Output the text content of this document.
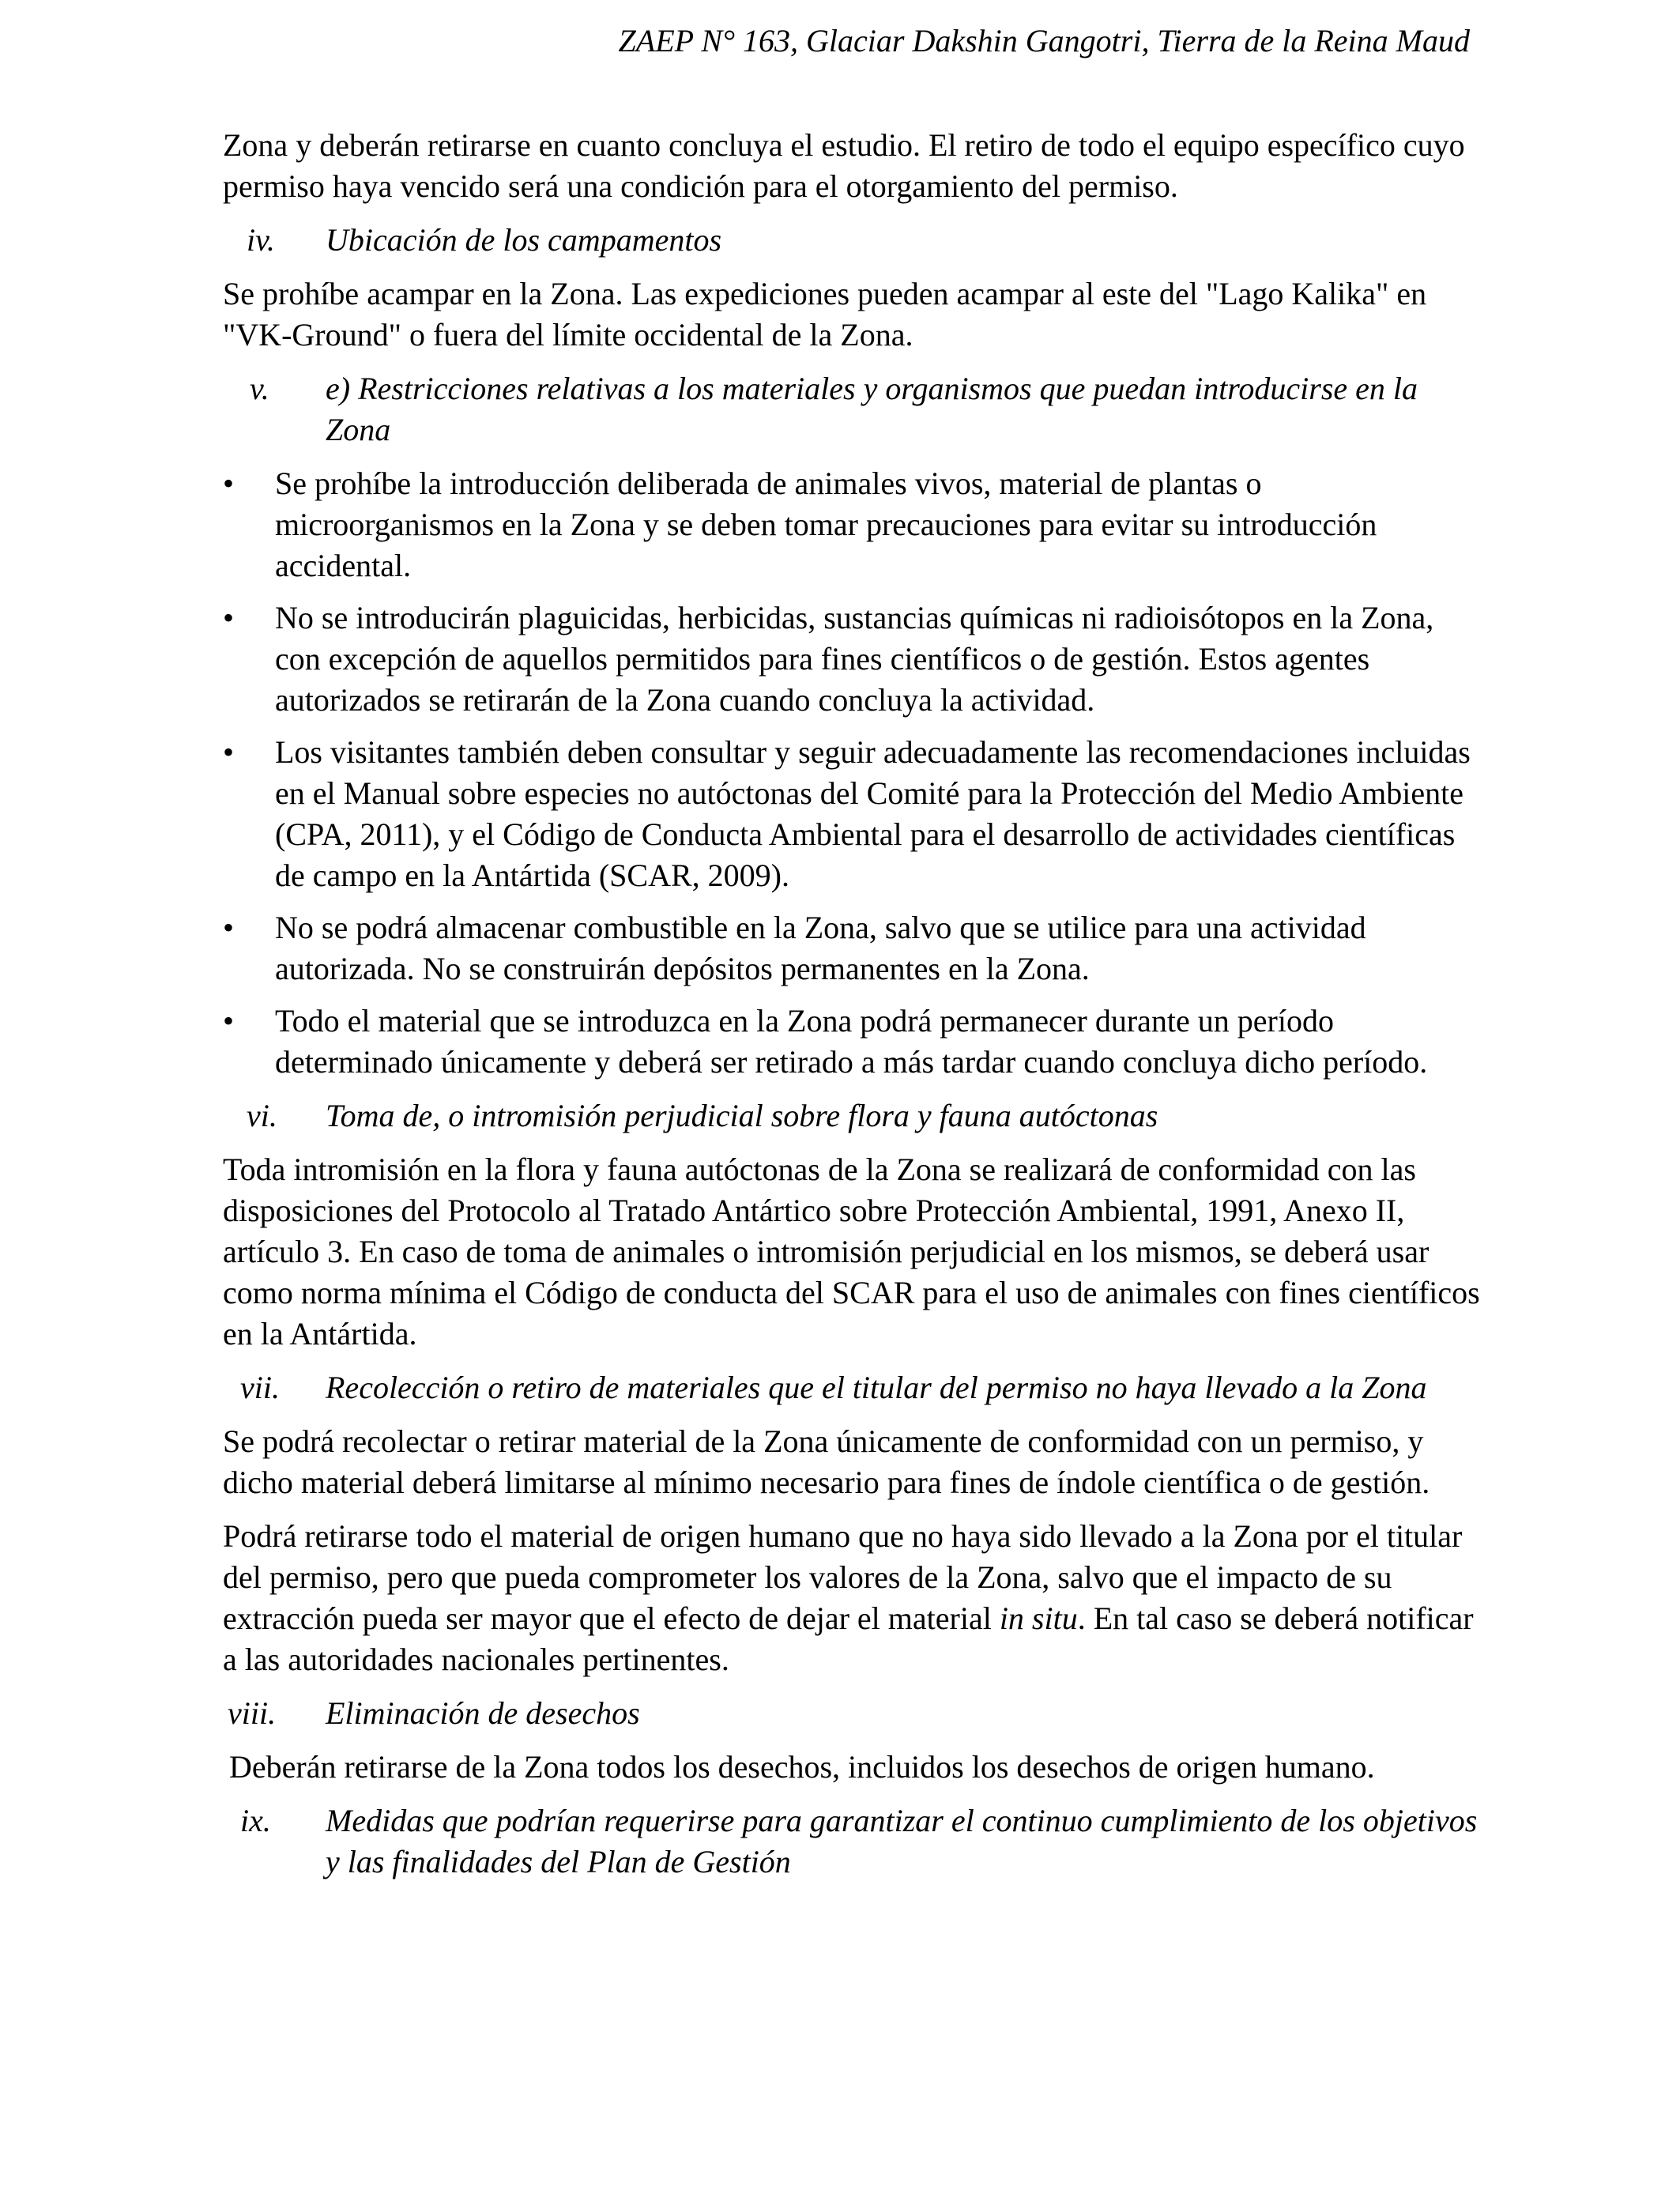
ZAEP N° 163, Glaciar Dakshin Gangotri, Tierra de la Reina Maud

Zona y deberán retirarse en cuanto concluya el estudio. El retiro de todo el equipo específico cuyo permiso haya vencido será una condición para el otorgamiento del permiso.

iv.	Ubicación de los campamentos

Se prohíbe acampar en la Zona. Las expediciones pueden acampar al este del "Lago Kalika" en "VK-Ground" o fuera del límite occidental de la Zona.

v.	e) Restricciones relativas a los materiales y organismos que puedan introducirse en la Zona
•	Se prohíbe la introducción deliberada de animales vivos, material de plantas o microorganismos en la Zona y se deben tomar precauciones para evitar su introducción accidental.
•	No se introducirán plaguicidas, herbicidas, sustancias químicas ni radioisótopos en la Zona, con excepción de aquellos permitidos para fines científicos o de gestión. Estos agentes autorizados se retirarán de la Zona cuando concluya la actividad.
•	Los visitantes también deben consultar y seguir adecuadamente las recomendaciones incluidas en el Manual sobre especies no autóctonas del Comité para la Protección del Medio Ambiente (CPA, 2011), y el Código de Conducta Ambiental para el desarrollo de actividades científicas de campo en la Antártida (SCAR, 2009).
•	No se podrá almacenar combustible en la Zona, salvo que se utilice para una actividad autorizada. No se construirán depósitos permanentes en la Zona.
•	Todo el material que se introduzca en la Zona podrá permanecer durante un período determinado únicamente y deberá ser retirado a más tardar cuando concluya dicho período.
vi.	Toma de, o intromisión perjudicial sobre flora y fauna autóctonas

Toda intromisión en la flora y fauna autóctonas de la Zona se realizará de conformidad con las disposiciones del Protocolo al Tratado Antártico sobre Protección Ambiental, 1991, Anexo II, artículo 3. En caso de toma de animales o intromisión perjudicial en los mismos, se deberá usar como norma mínima el Código de conducta del SCAR para el uso de animales con fines científicos en la Antártida.

vii.	Recolección o retiro de materiales que el titular del permiso no haya llevado a la Zona

Se podrá recolectar o retirar material de la Zona únicamente de conformidad con un permiso, y dicho material deberá limitarse al mínimo necesario para fines de índole científica o de gestión.

Podrá retirarse todo el material de origen humano que no haya sido llevado a la Zona por el titular del permiso, pero que pueda comprometer los valores de la Zona, salvo que el impacto de su extracción pueda ser mayor que el efecto de dejar el material in situ. En tal caso se deberá notificar a las autoridades nacionales pertinentes.

viii.	Eliminación de desechos

Deberán retirarse de la Zona todos los desechos, incluidos los desechos de origen humano.

ix.	Medidas que podrían requerirse para garantizar el continuo cumplimiento de los objetivos y las finalidades del Plan de Gestión
